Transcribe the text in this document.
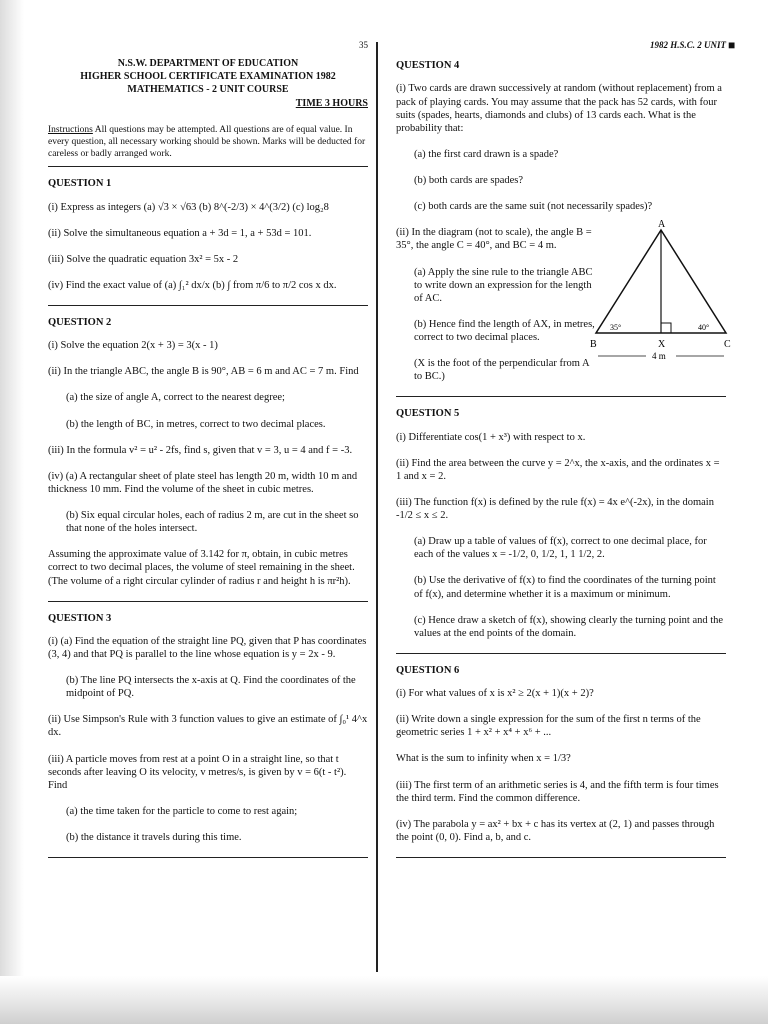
■
35
N.S.W. DEPARTMENT OF EDUCATION
HIGHER SCHOOL CERTIFICATE EXAMINATION 1982
MATHEMATICS - 2 UNIT COURSE
TIME 3 HOURS
Instructions All questions may be attempted. All questions are of equal value. In every question, all necessary working should be shown. Marks will be deducted for careless or badly arranged work.
QUESTION 1

(i) Express as integers (a) √3 × √63 (b) 8^(-2/3) × 4^(3/2) (c) log₂8

(ii) Solve the simultaneous equation a + 3d = 1, a + 53d = 101.

(iii) Solve the quadratic equation 3x² = 5x - 2

(iv) Find the exact value of (a) ∫₁² dx/x (b) ∫ from π/6 to π/2 cos x dx.

QUESTION 2

(i) Solve the equation 2(x + 3) = 3(x - 1)

(ii) In the triangle ABC, the angle B is 90°, AB = 6 m and AC = 7 m. Find

(a) the size of angle A, correct to the nearest degree;

(b) the length of BC, in metres, correct to two decimal places.

(iii) In the formula v² = u² - 2fs, find s, given that v = 3, u = 4 and f = -3.

(iv) (a) A rectangular sheet of plate steel has length 20 m, width 10 m and thickness 10 mm. Find the volume of the sheet in cubic metres.

(b) Six equal circular holes, each of radius 2 m, are cut in the sheet so that none of the holes intersect.

Assuming the approximate value of 3.142 for π, obtain, in cubic metres correct to two decimal places, the volume of steel remaining in the sheet. (The volume of a right circular cylinder of radius r and height h is πr²h).

QUESTION 3

(i) (a) Find the equation of the straight line PQ, given that P has coordinates (3, 4) and that PQ is parallel to the line whose equation is y = 2x - 9.

(b) The line PQ intersects the x-axis at Q. Find the coordinates of the midpoint of PQ.

(ii) Use Simpson's Rule with 3 function values to give an estimate of ∫₀¹ 4^x dx.

(iii) A particle moves from rest at a point O in a straight line, so that t seconds after leaving O its velocity, v metres/s, is given by v = 6(t - t²). Find

(a) the time taken for the particle to come to rest again;

(b) the distance it travels during this time.

1982 H.S.C. 2 UNIT
QUESTION 4

(i) Two cards are drawn successively at random (without replacement) from a pack of playing cards. You may assume that the pack has 52 cards, with four suits (spades, hearts, diamonds and clubs) of 13 cards each. What is the probability that:

(a) the first card drawn is a spade?

(b) both cards are spades?

(c) both cards are the same suit (not necessarily spades)?

(ii) In the diagram (not to scale), the angle B = 35°, the angle C = 40°, and BC = 4 m.

(a) Apply the sine rule to the triangle ABC to write down an expression for the length of AC.

(b) Hence find the length of AX, in metres, correct to two decimal places.

(X is the foot of the perpendicular from A to BC.)

A
B	C
X
35°	40°
4 m
QUESTION 5

(i) Differentiate cos(1 + x³) with respect to x.

(ii) Find the area between the curve y = 2^x, the x-axis, and the ordinates x = 1 and x = 2.

(iii) The function f(x) is defined by the rule f(x) = 4x e^(-2x), in the domain -1/2 ≤ x ≤ 2.

(a) Draw up a table of values of f(x), correct to one decimal place, for each of the values x = -1/2, 0, 1/2, 1, 1 1/2, 2.

(b) Use the derivative of f(x) to find the coordinates of the turning point of f(x), and determine whether it is a maximum or minimum.

(c) Hence draw a sketch of f(x), showing clearly the turning point and the values at the end points of the domain.

QUESTION 6

(i) For what values of x is x² ≥ 2(x + 1)(x + 2)?

(ii) Write down a single expression for the sum of the first n terms of the geometric series 1 + x² + x⁴ + x⁶ + ...

What is the sum to infinity when x = 1/3?

(iii) The first term of an arithmetic series is 4, and the fifth term is four times the third term. Find the common difference.

(iv) The parabola y = ax² + bx + c has its vertex at (2, 1) and passes through the point (0, 0). Find a, b, and c.
